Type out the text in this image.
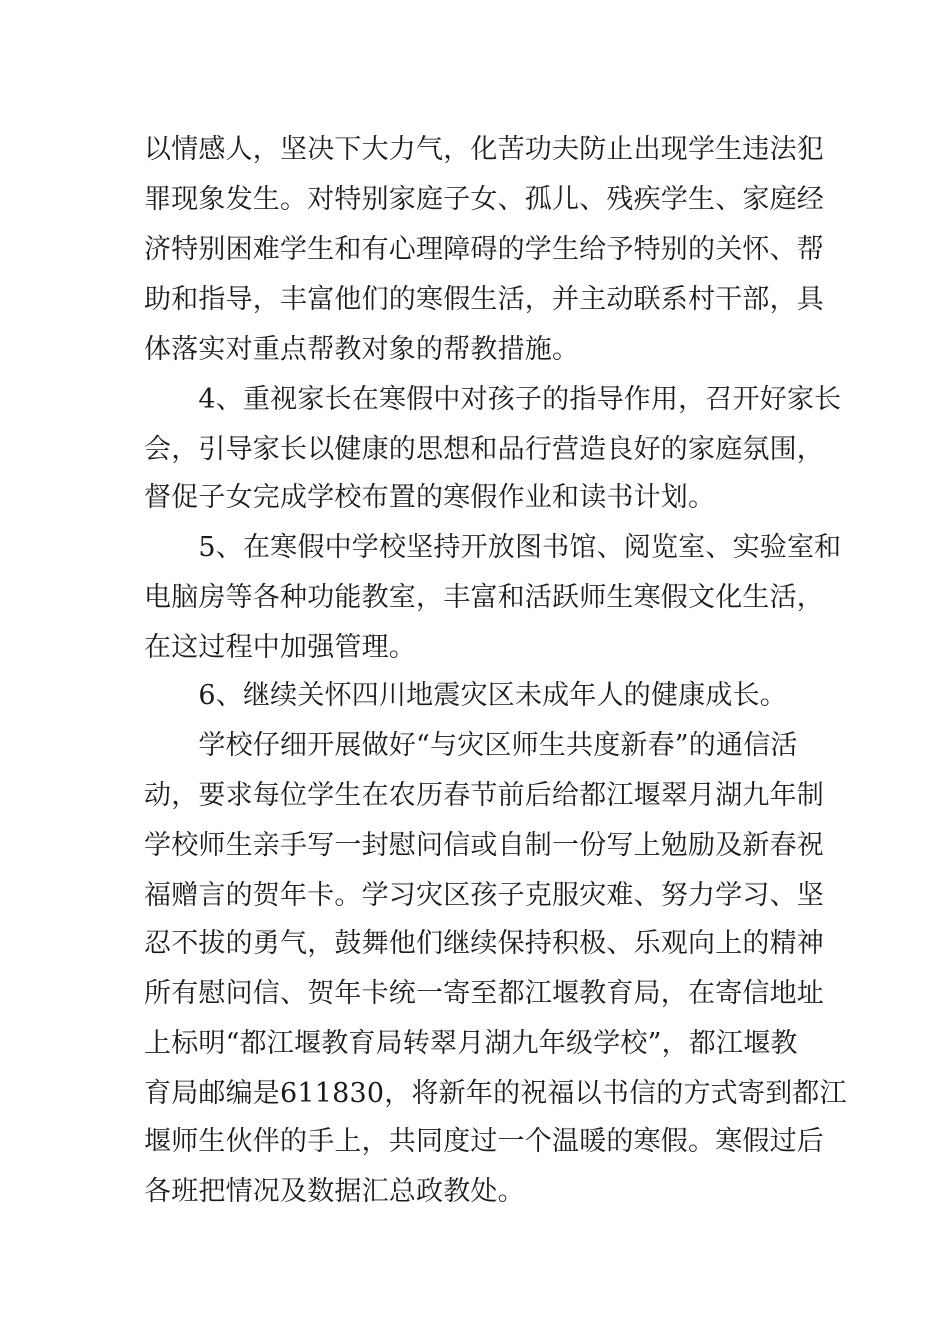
以情感人，坚决下大力气，化苦功夫防止出现学生违法犯
罪现象发生。对特别家庭子女、孤儿、残疾学生、家庭经
济特别困难学生和有心理障碍的学生给予特别的关怀、帮
助和指导，丰富他们的寒假生活，并主动联系村干部，具
体落实对重点帮教对象的帮教措施。
　　4、重视家长在寒假中对孩子的指导作用，召开好家长
会，引导家长以健康的思想和品行营造良好的家庭氛围，
督促子女完成学校布置的寒假作业和读书计划。
　　5、在寒假中学校坚持开放图书馆、阅览室、实验室和
电脑房等各种功能教室，丰富和活跃师生寒假文化生活，
在这过程中加强管理。
　　6、继续关怀四川地震灾区未成年人的健康成长。
　　学校仔细开展做好“与灾区师生共度新春”的通信活
动，要求每位学生在农历春节前后给都江堰翠月湖九年制
学校师生亲手写一封慰问信或自制一份写上勉励及新春祝
福赠言的贺年卡。学习灾区孩子克服灾难、努力学习、坚
忍不拔的勇气，鼓舞他们继续保持积极、乐观向上的精神
所有慰问信、贺年卡统一寄至都江堰教育局，在寄信地址
上标明“都江堰教育局转翠月湖九年级学校”，都江堰教
育局邮编是611830，将新年的祝福以书信的方式寄到都江
堰师生伙伴的手上，共同度过一个温暖的寒假。寒假过后
各班把情况及数据汇总政教处。
